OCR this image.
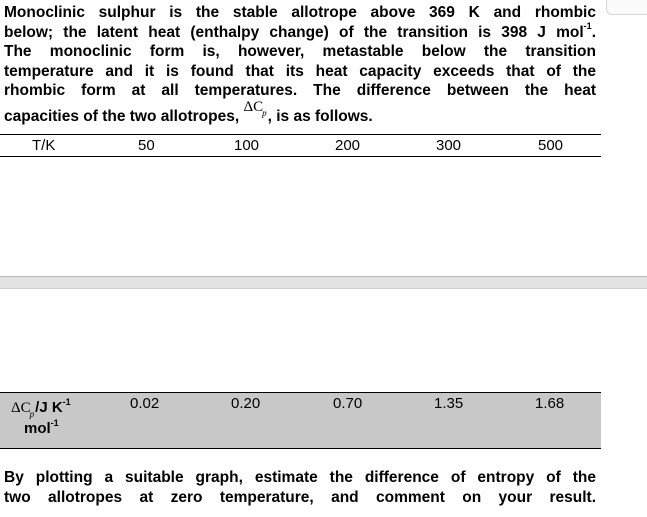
Monoclinic sulphur is the stable allotrope above 369 K and rhombic
below; the latent heat (enthalpy change) of the transition is 398 J mol$^{-1}$.
The monoclinic form is, however, metastable below the transition
temperature and it is found that its heat capacity exceeds that of the
rhombic form at all temperatures. The difference between the heat
capacities of the two allotropes, $\Delta C_p$, is as follows.
T/K	50	100	200	300	500
$\Delta C_p/J$ $K^{-1}$
mol$^{-1}$
0.02	0.20	0.70	1.35	1.68
By plotting a suitable graph, estimate the difference of entropy of the
two allotropes at zero temperature, and comment on your result.
